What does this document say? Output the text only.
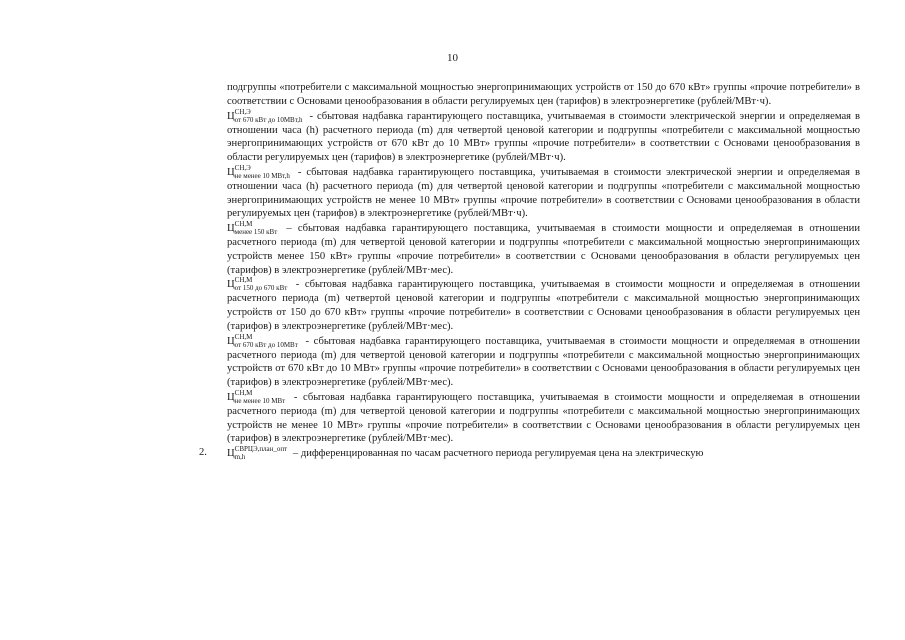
10

подгруппы «потребители с максимальной мощностью энергопринимающих устройств от 150 до 670 кВт» группы «прочие потребители» в соответствии с Основами ценообразования в области регулируемых цен (тарифов) в электроэнергетике (рублей/МВт·ч).

Ц СН,Э
от 670 кВт до 10МВт,h - сбытовая надбавка гарантирующего поставщика, учитываемая в стоимости электрической энергии и определяемая в отношении часа (h) расчетного периода (m) для четвертой ценовой категории и подгруппы «потребители с максимальной мощностью энергопринимающих устройств от 670 кВт до 10 МВт» группы «прочие потребители» в соответствии с Основами ценообразования в области регулируемых цен (тарифов) в электроэнергетике (рублей/МВт·ч).

Ц СН,Э
не менее 10 МВт,h - сбытовая надбавка гарантирующего поставщика, учитываемая в стоимости электрической энергии и определяемая в отношении часа (h) расчетного периода (m) для четвертой ценовой категории и подгруппы «потребители с максимальной мощностью энергопринимающих устройств не менее 10 МВт» группы «прочие потребители» в соответствии с Основами ценообразования в области регулируемых цен (тарифов) в электроэнергетике (рублей/МВт·ч).

Ц СН,М
менее 150 кВт – сбытовая надбавка гарантирующего поставщика, учитываемая в стоимости мощности и определяемая в отношении расчетного периода (m) для четвертой ценовой категории и подгруппы «потребители с максимальной мощностью энергопринимающих устройств менее 150 кВт» группы «прочие потребители» в соответствии с Основами ценообразования в области регулируемых цен (тарифов) в электроэнергетике (рублей/МВт·мес).

Ц СН,М
от 150 до 670 кВт - сбытовая надбавка гарантирующего поставщика, учитываемая в стоимости мощности и определяемая в отношении расчетного периода (m) четвертой ценовой категории и подгруппы «потребители с максимальной мощностью энергопринимающих устройств от 150 до 670 кВт» группы «прочие потребители» в соответствии с Основами ценообразования в области регулируемых цен (тарифов) в электроэнергетике (рублей/МВт·мес).

Ц СН,М
от 670 кВт до 10МВт - сбытовая надбавка гарантирующего поставщика, учитываемая в стоимости мощности и определяемая в отношении расчетного периода (m) для четвертой ценовой категории и подгруппы «потребители с максимальной мощностью энергопринимающих устройств от 670 кВт до 10 МВт» группы «прочие потребители» в соответствии с Основами ценообразования в области регулируемых цен (тарифов) в электроэнергетике (рублей/МВт·мес).

Ц СН,М
не менее 10 МВт - сбытовая надбавка гарантирующего поставщика, учитываемая в стоимости мощности и определяемая в отношении расчетного периода (m) для четвертой ценовой категории и подгруппы «потребители с максимальной мощностью энергопринимающих устройств не менее 10 МВт» группы «прочие потребители» в соответствии с Основами ценообразования в области регулируемых цен (тарифов) в электроэнергетике (рублей/МВт·мес).

2. Ц СВРЦЭ,план_опт
m,h	– дифференцированная по часам расчетного периода регулируемая цена на электрическую
